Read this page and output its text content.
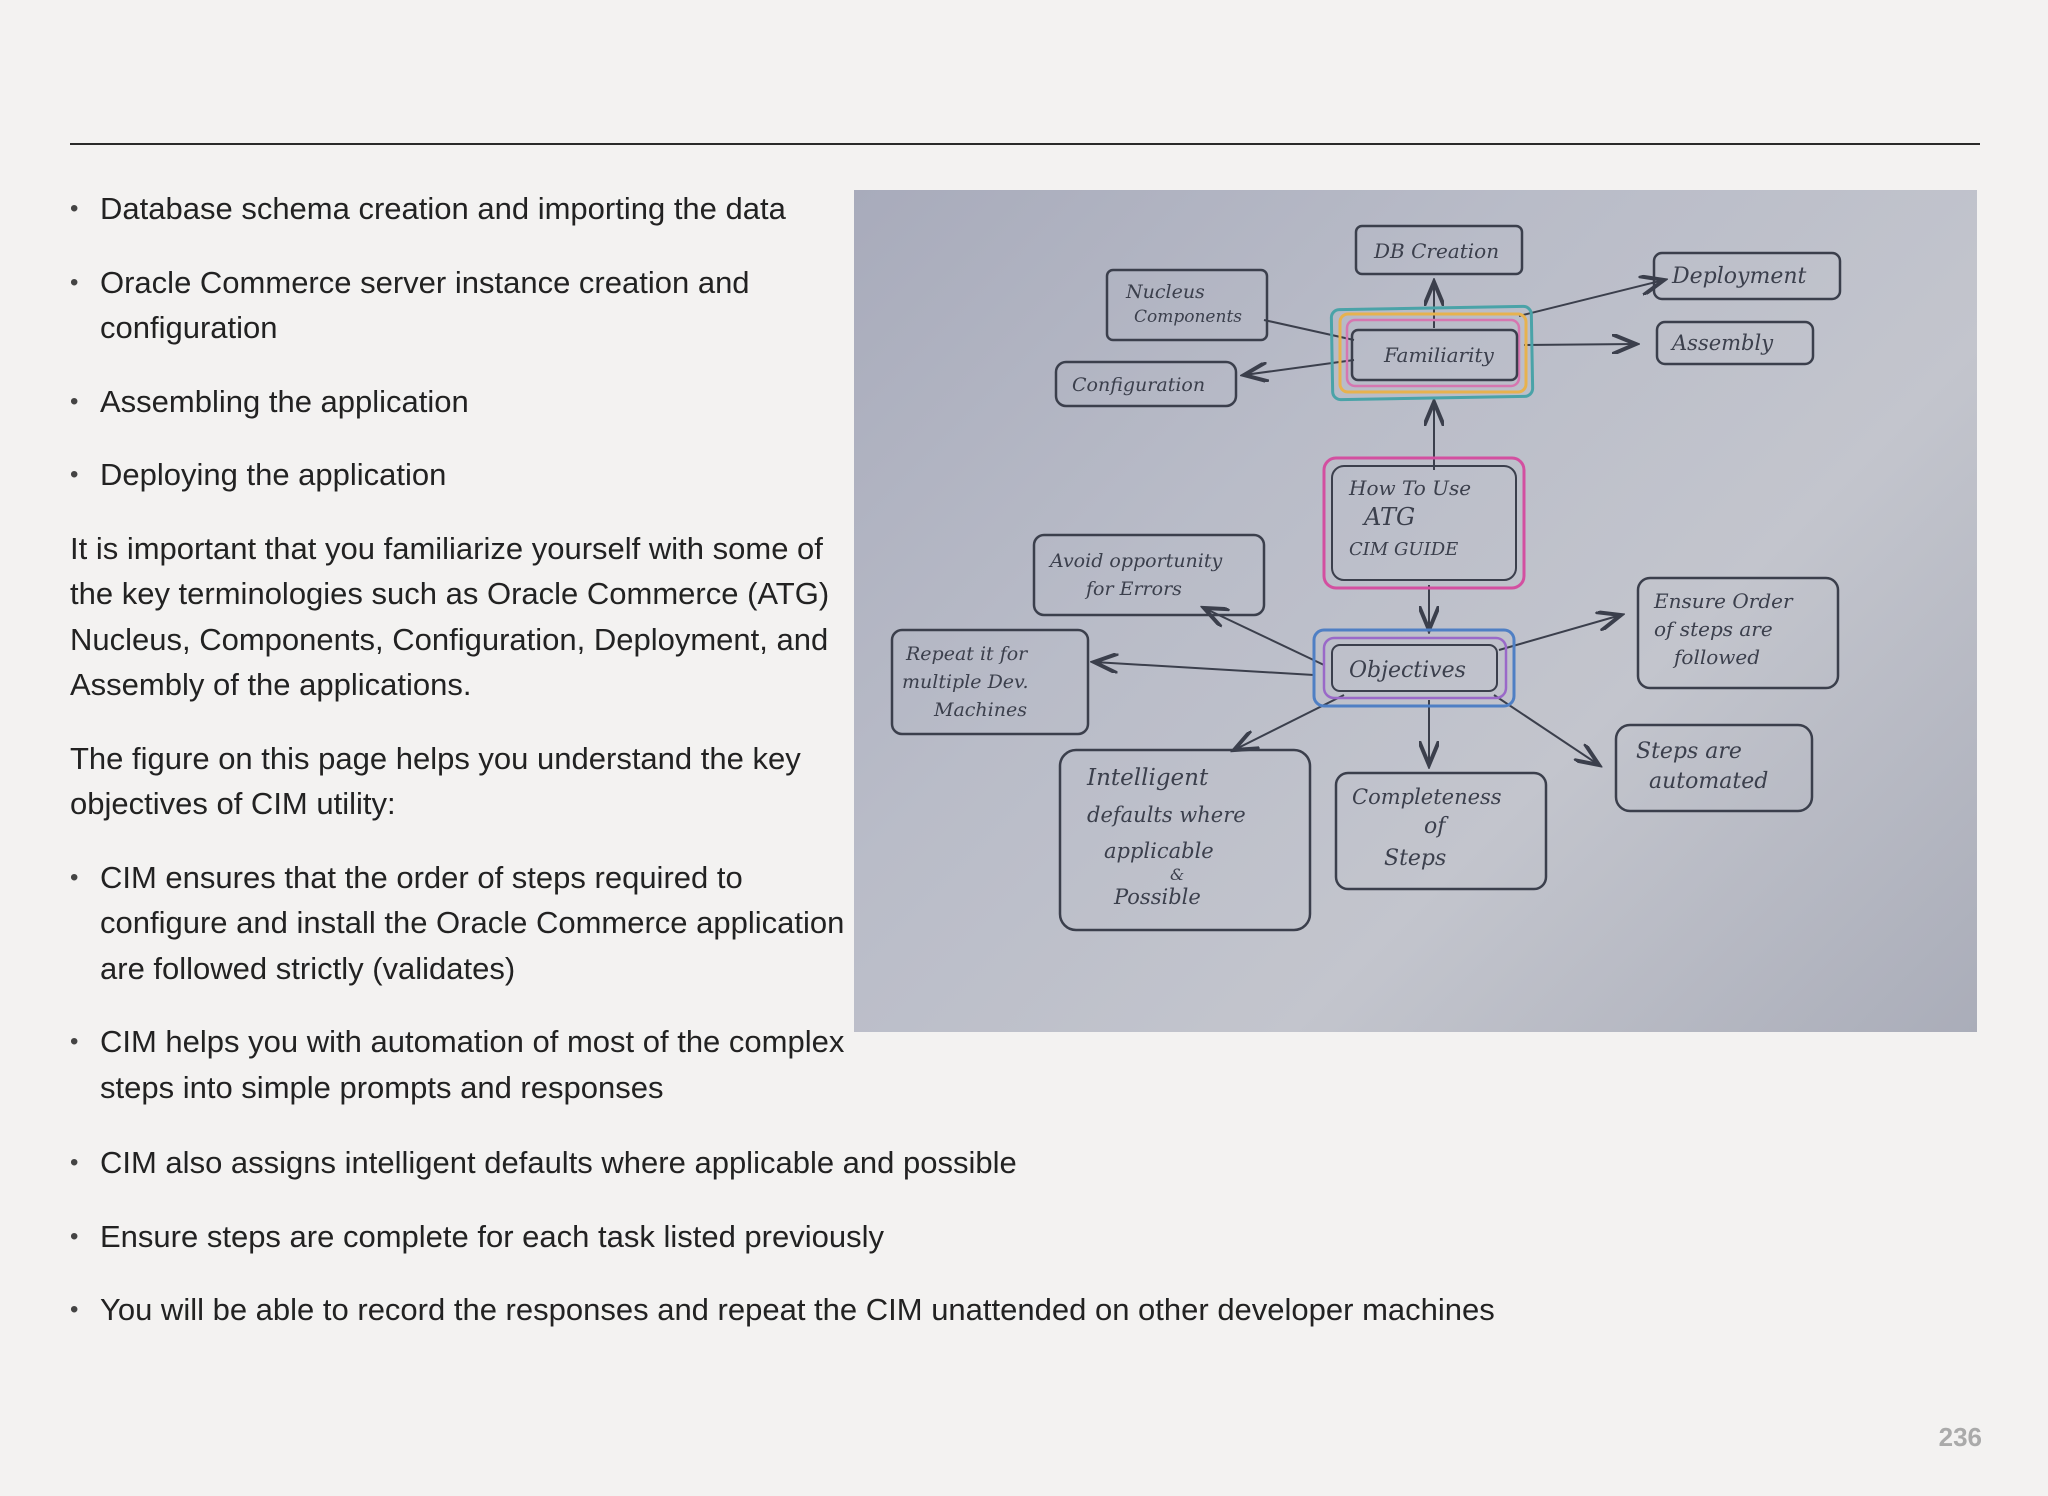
• Database schema creation and importing the data
• Oracle Commerce server instance creation and configuration
• Assembling the application
• Deploying the application

It is important that you familiarize yourself with some of the key terminologies such as Oracle Commerce (ATG) Nucleus, Components, Configuration, Deployment, and Assembly of the applications.

The figure on this page helps you understand the key objectives of CIM utility:

• CIM ensures that the order of steps required to configure and install the Oracle Commerce application are followed strictly (validates)
• CIM helps you with automation of most of the complex steps into simple prompts and responses
• CIM also assigns intelligent defaults where applicable and possible
• Ensure steps are complete for each task listed previously
• You will be able to record the responses and repeat the CIM unattended on other developer machines
Familiarity
How To Use
ATG
CIM GUIDE
Objectives
DB Creation
Nucleus
Components
Deployment
Assembly
Configuration
Avoid opportunity
for Errors	Ensure Order
of steps are
followed
Repeat it for
multiple Dev.
Machines
Steps are
automated
Intelligent
defaults where
applicable
&
Possible
Completeness
of
Steps
236
